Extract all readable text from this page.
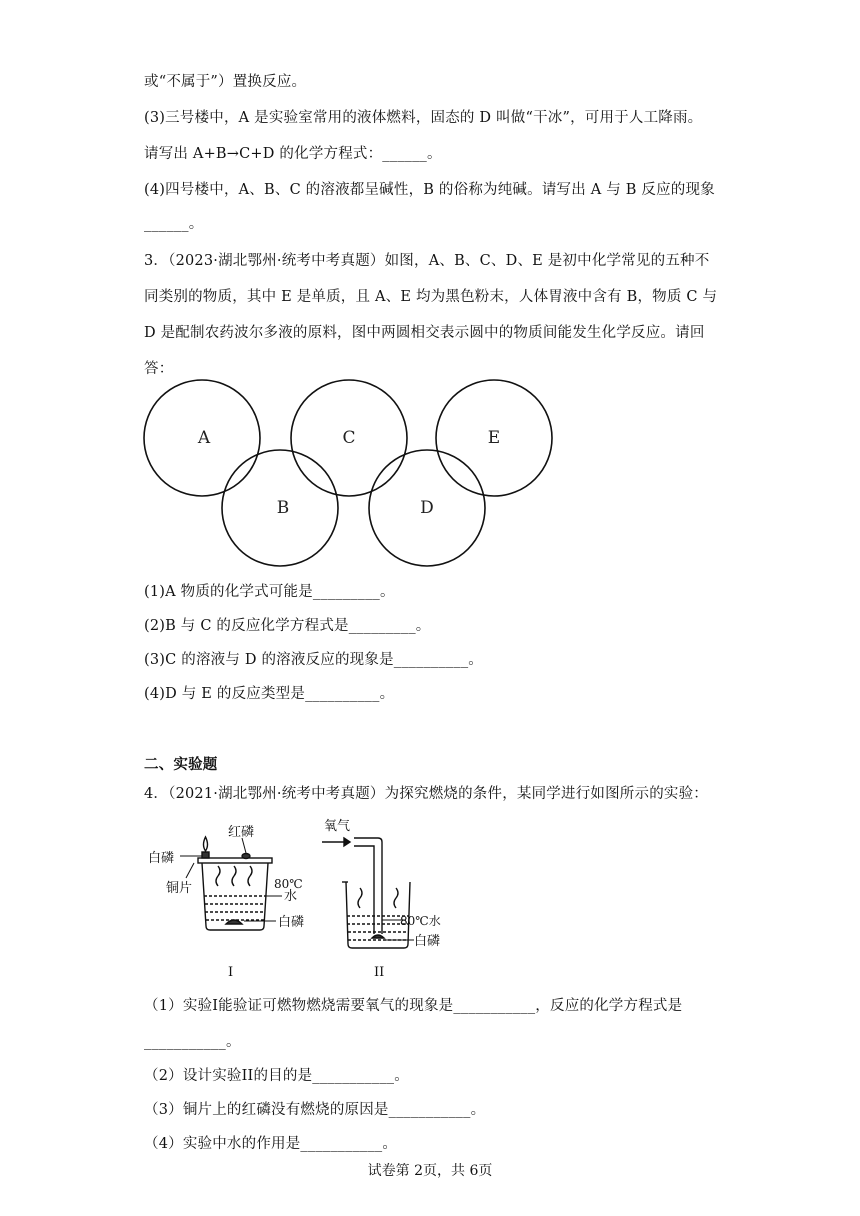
或“不属于”）置换反应。
(3)三号楼中，A 是实验室常用的液体燃料，固态的 D 叫做“干冰”，可用于人工降雨。
请写出 A+B→C+D 的化学方程式：______。
(4)四号楼中，A、B、C 的溶液都呈碱性，B 的俗称为纯碱。请写出 A 与 B 反应的现象
______。
3．（2023·湖北鄂州·统考中考真题）如图，A、B、C、D、E 是初中化学常见的五种不
同类别的物质，其中 E 是单质，且 A、E 均为黑色粉末，人体胃液中含有 B，物质 C 与
D 是配制农药波尔多液的原料，图中两圆相交表示圆中的物质间能发生化学反应。请回
答：
A
B
C
D
E
(1)A 物质的化学式可能是_________。
(2)B 与 C 的反应化学方程式是_________。
(3)C 的溶液与 D 的溶液反应的现象是__________。
(4)D 与 E 的反应类型是__________。
二、实验题
4．（2021·湖北鄂州·统考中考真题）为探究燃烧的条件，某同学进行如图所示的实验：
红磷
白磷
铜片	80℃
水
白磷
I
氧气
80℃水
白磷
II
（1）实验I能验证可燃物燃烧需要氧气的现象是___________，反应的化学方程式是
___________。
（2）设计实验II的目的是___________。
（3）铜片上的红磷没有燃烧的原因是___________。
（4）实验中水的作用是___________。
试卷第 2页，共 6页
